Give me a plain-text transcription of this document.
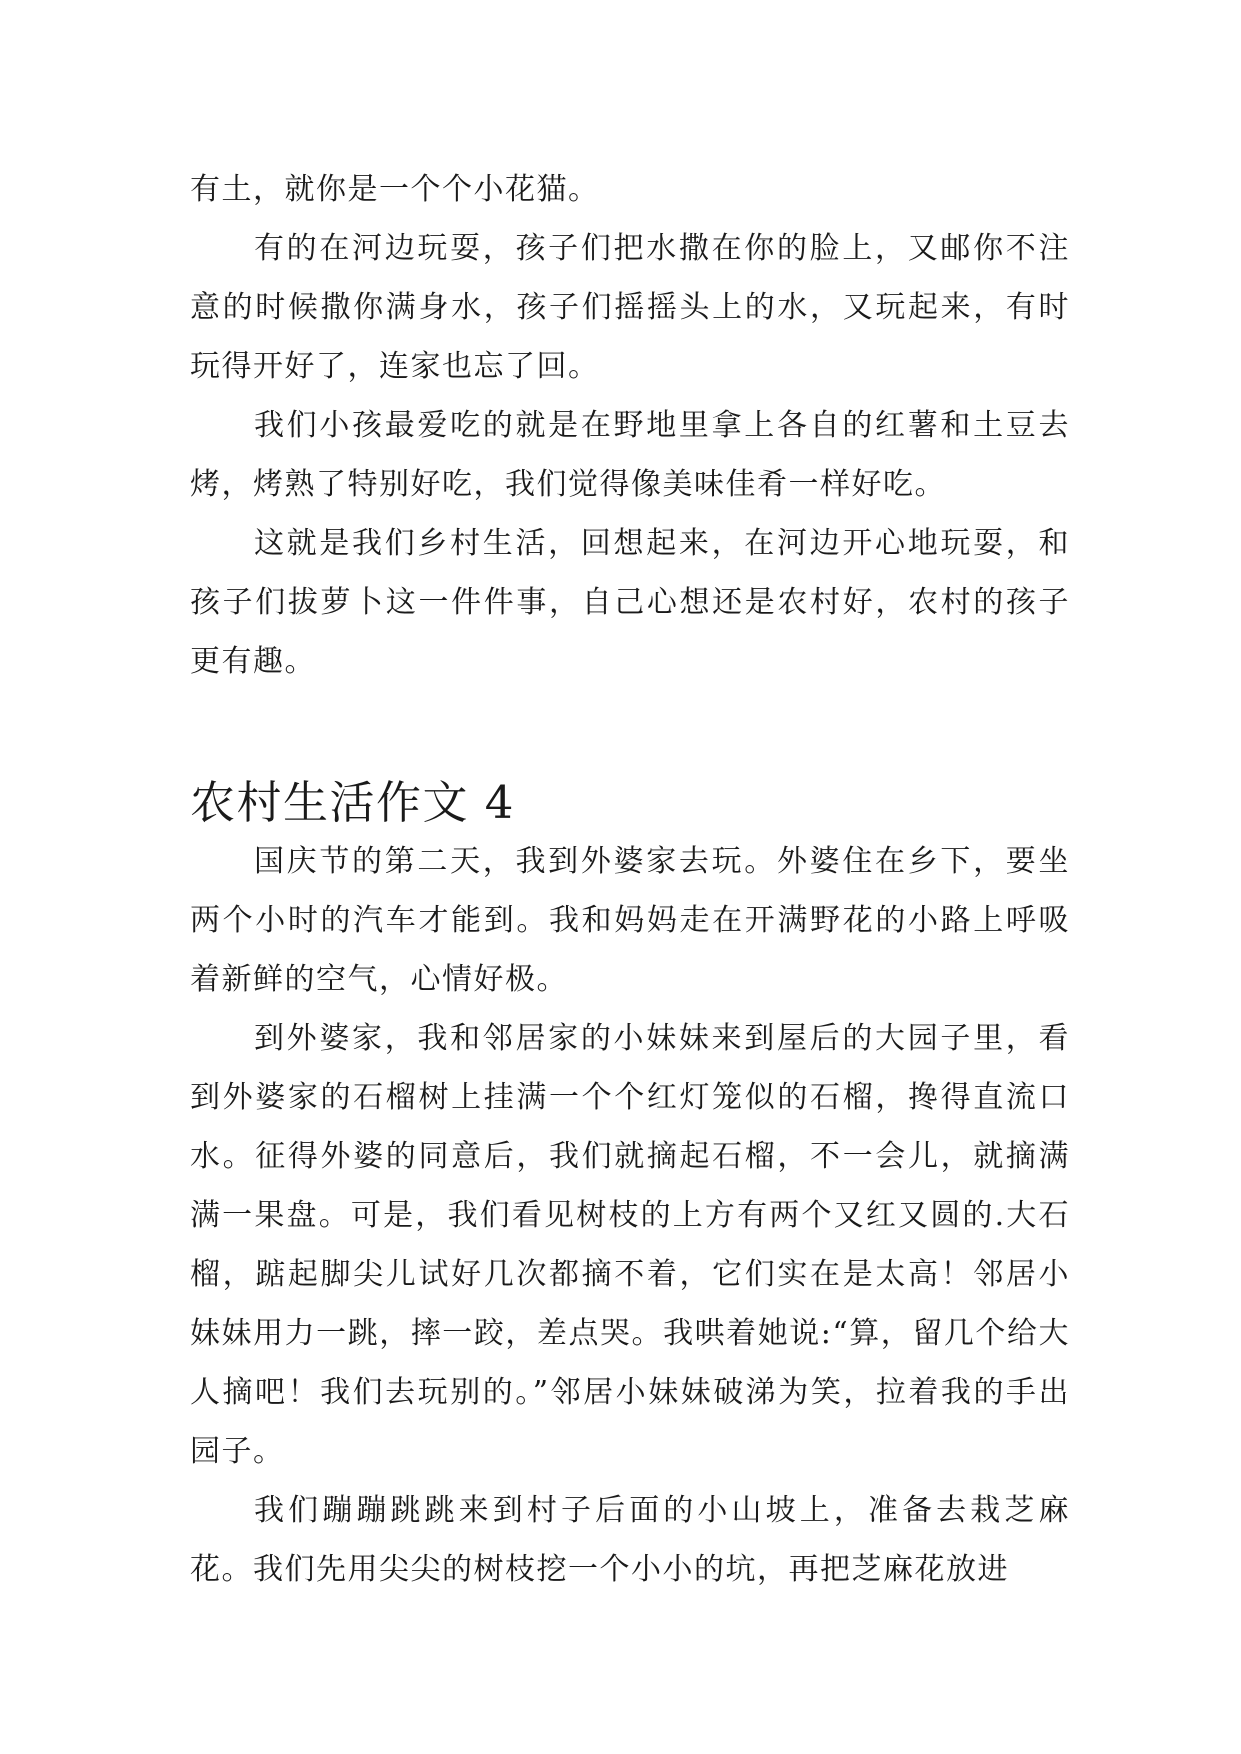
有土，就你是一个个小花猫。

有的在河边玩耍，孩子们把水撒在你的脸上，又邮你不注意的时候撒你满身水，孩子们摇摇头上的水，又玩起来，有时玩得开好了，连家也忘了回。

我们小孩最爱吃的就是在野地里拿上各自的红薯和土豆去烤，烤熟了特别好吃，我们觉得像美味佳肴一样好吃。

这就是我们乡村生活，回想起来，在河边开心地玩耍，和孩子们拔萝卜这一件件事，自己心想还是农村好，农村的孩子更有趣。

农村生活作文 4

国庆节的第二天，我到外婆家去玩。外婆住在乡下，要坐两个小时的汽车才能到。我和妈妈走在开满野花的小路上呼吸着新鲜的空气，心情好极。

到外婆家，我和邻居家的小妹妹来到屋后的大园子里，看到外婆家的石榴树上挂满一个个红灯笼似的石榴，搀得直流口水。征得外婆的同意后，我们就摘起石榴，不一会儿，就摘满满一果盘。可是，我们看见树枝的上方有两个又红又圆的.大石榴，踮起脚尖儿试好几次都摘不着，它们实在是太高！邻居小妹妹用力一跳，摔一跤，差点哭。我哄着她说:“算，留几个给大人摘吧！我们去玩别的。”邻居小妹妹破涕为笑，拉着我的手出园子。

我们蹦蹦跳跳来到村子后面的小山坡上，准备去栽芝麻花。我们先用尖尖的树枝挖一个小小的坑，再把芝麻花放进
